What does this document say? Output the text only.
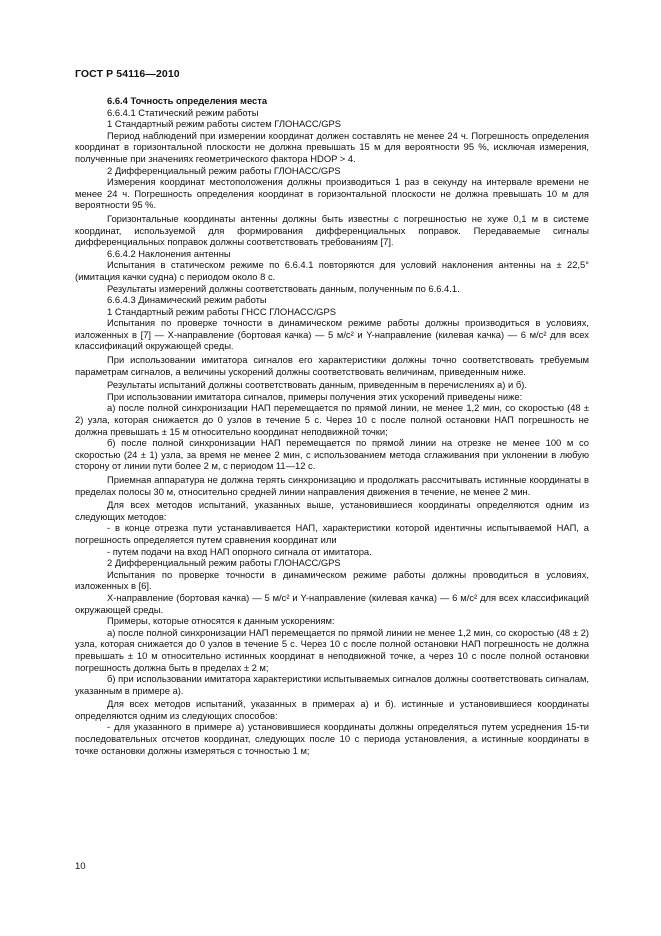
ГОСТ Р 54116—2010

6.6.4 Точность определения места

6.6.4.1 Статический режим работы

1 Стандартный режим работы систем ГЛОНАСС/GPS

Период наблюдений при измерении координат должен составлять не менее 24 ч. Погрешность определения координат в горизонтальной плоскости не должна превышать 15 м для вероятности 95 %, исключая измерения, полученные при значениях геометрического фактора HDOP > 4.

2 Дифференциальный режим работы ГЛОНАСС/GPS

Измерения координат местоположения должны производиться 1 раз в секунду на интервале времени не менее 24 ч. Погрешность определения координат в горизонтальной плоскости не должна превышать 10 м для вероятности 95 %.

Горизонтальные координаты антенны должны быть известны с погрешностью не хуже 0,1 м в системе координат, используемой для формирования дифференциальных поправок. Передаваемые сигналы дифференциальных поправок должны соответствовать требованиям [7].

6.6.4.2 Наклонения антенны

Испытания в статическом режиме по 6.6.4.1 повторяются для условий наклонения антенны на ± 22,5° (имитация качки судна) с периодом около 8 с.

Результаты измерений должны соответствовать данным, полученным по 6.6.4.1.

6.6.4.3 Динамический режим работы

1 Стандартный режим работы ГНСС ГЛОНАСС/GPS

Испытания по проверке точности в динамическом режиме работы должны производиться в условиях, изложенных в [7] — Х-направление (бортовая качка) — 5 м/с² и Y-направление (килевая качка) — 6 м/с² для всех классификаций окружающей среды.

При использовании имитатора сигналов его характеристики должны точно соответствовать требуемым параметрам сигналов, а величины ускорений должны соответствовать величинам, приведенным ниже.

Результаты испытаний должны соответствовать данным, приведенным в перечислениях а) и б).

При использовании имитатора сигналов, примеры получения этих ускорений приведены ниже:

а) после полной синхронизации НАП перемещается по прямой линии, не менее 1,2 мин, со скоростью (48 ± 2) узла, которая снижается до 0 узлов в течение 5 с. Через 10 с после полной остановки НАП погрешность не должна превышать ± 15 м относительно координат неподвижной точки;

б) после полной синхронизации НАП перемещается по прямой линии на отрезке не менее 100 м со скоростью (24 ± 1) узла, за время не менее 2 мин, с использованием метода сглаживания при уклонении в любую сторону от линии пути более 2 м, с периодом 11—12 с.

Приемная аппаратура не должна терять синхронизацию и продолжать рассчитывать истинные координаты в пределах полосы 30 м, относительно средней линии направления движения в течение, не менее 2 мин.

Для всех методов испытаний, указанных выше, установившиеся координаты определяются одним из следующих методов:

- в конце отрезка пути устанавливается НАП, характеристики которой идентичны испытываемой НАП, а погрешность определяется путем сравнения координат или

- путем подачи на вход НАП опорного сигнала от имитатора.

2 Дифференциальный режим работы ГЛОНАСС/GPS

Испытания по проверке точности в динамическом режиме работы должны проводиться в условиях, изложенных в [6].

Х-направление (бортовая качка) — 5 м/с² и Y-направление (килевая качка) — 6 м/с² для всех классификаций окружающей среды.

Примеры, которые относятся к данным ускорениям:

а) после полной синхронизации НАП перемещается по прямой линии не менее 1,2 мин, со скоростью (48 ± 2) узла, которая снижается до 0 узлов в течение 5 с. Через 10 с после полной остановки НАП погрешность не должна превышать ± 10 м относительно истинных координат в неподвижной точке, а через 10 с после полной остановки погрешность должна быть в пределах ± 2 м;

б) при использовании имитатора характеристики испытываемых сигналов должны соответствовать сигналам, указанным в примере а).

Для всех методов испытаний, указанных в примерах а) и б). истинные и установившиеся координаты определяются одним из следующих способов:

- для указанного в примере а) установившиеся координаты должны определяться путем усреднения 15-ти последовательных отсчетов координат, следующих после 10 с периода установления, а истинные координаты в точке остановки должны измеряться с точностью 1 м;

10
